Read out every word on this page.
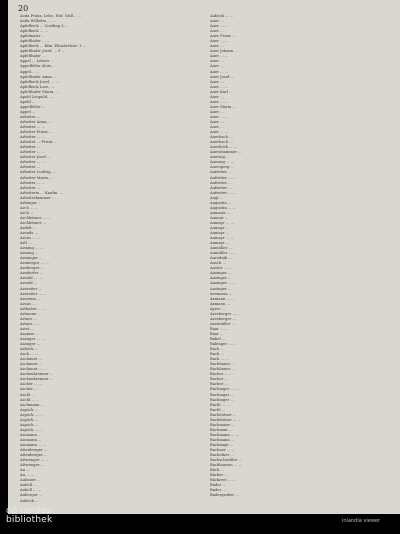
20
Aoda Franz, Lehr., Hof, Grill... ...
Aoda Wilhelm, ... ...
Apfelbeck ... Gostling 3, ...
Apfelbeck ... ...
Apfelmaier ...
Apfelthaler ... ...
Apfelbeck ... Kfm. Elisabethstr. 1 ...
Apfelthaler Josef, ... 9 ...
Apfelthaler ...
Appel ... Lehrer ...
Appelfeller Alois, ...
Appel... ...
Apfelthaler Anna ...
Apfelbeck Josef, ... ...
Apfelbeck Lore, ...
Apfelthaler Maria, ...
Apold Leopold, ...
Apold ...
Appelfeller ...
Appel ...
Arbeiter ...
Arbeiter Anna, ...
Arbeiter ... ...
Arbeiter Franz, ...
Arbeiter ... ...
Arbeiter ... Privat ...
Arbeiter ...
Arbeiter ... ...
Arbeiter Josef ...
Arbeiter ... ...
Arbeiter ...
Arbeiter Ludwig, ...
Arbeiter Maria, ...
Arbeiter ... ...
Arbeiter ...
Arbeiterin ... Kaufm. ...
Arbeiterkammer ...
Arbinger ...
Arch ... ...
Arch ...
Archleitner ... ...
Archleitner ...
Ardelt ...
Arends ...
Arens ... ...
Arlt ...
Arming ... ...
Arming ...
Arminger ...
Arnberger ... ...
Arnberger ...
Arndorfer ...
Arnold ... ...
Arnold ...
Arnreiter ...
Arnreiter ... ...
Arnstein ...
Arnus ...
Arthaber ... ...
Artmann ...
Artner ...
Artner ... ...
Artzt ...
Asamer ...
Asanger ... ...
Asanger ...
Asböck ...
Asch ... ...
Aschauer ...
Aschauer ...
Aschauer ... ...
Aschenbrenner ...
Aschenbrenner ...
Ascher ... ...
Ascher ...
Aschl ...
Aschl ... ...
Aschmann ...
Aspöck ...
Aspöck ... ...
Aspöck ...
Aspöck ...
Aspöck ... ...
Assmann ...
Assmann ...
Assmann ... ...
Attenberger ...
Attenberger ...
Attwenger ... ...
Attwenger ...
Au ...
Au ... ...
Aubauer ...
Aubell ...
Aubell ... ...
Auberger ...
Auböck ...
Auböck ... ...
Auer ...
Auer ... ...
Auer ...
Auer Franz ...
Auer ... ...
Auer ...
Auer Johann ...
Auer ... ...
Auer ...
Auer ...
Auer ... ...
Auer Josef ...
Auer ...
Auer ... ...
Auer Karl ...
Auer ...
Auer ... ...
Auer Maria ...
Auer ...
Auer ... ...
Auer ...
Auer ...
Auer ... ...
Auerbach ...
Auerbach ...
Auerböck ... ...
Auernhammer ...
Auernig ...
Auernig ... ...
Auersperg ...
Aufreiter ...
Aufreiter ... ...
Aufreiter ...
Aufreiter ...
Aufreiter ... ...
Augl ...
Augustin ...
Augustin ... ...
Aumaier ...
Aumair ...
Aumayr ... ...
Aumayr ...
Aumayr ...
Aumayr ... ...
Aumayr ...
Aumüller ...
Aumüller ... ...
Aurednik ...
Ausch ...
Auster ... ...
Auzinger ...
Auzinger ...
Auzinger ... ...
Auzinger ...
Avemaria ...
Axmann ... ...
Axmann ...
Ayrer ...
Azesberger ... ...
Azesberger ...
Azetmüller ...
Baar ... ...
Baar ...
Babel ...
Babinger ... ...
Bach ...
Bach ...
Bach ... ...
Bachbauer ...
Bachbauer ...
Bacher ... ...
Bacher ...
Bacher ...
Bachinger ... ...
Bachinger ...
Bachinger ...
Bachl ... ...
Bachl ...
Bachleitner ...
Bachleitner ... ...
Bachmaier ...
Bachmair ...
Bachmann ... ...
Bachmann ...
Bachmayr ...
Bachner ... ...
Bachofner ...
Bachschweller ...
Backhausen ... ...
Bäck ...
Bäcker ...
Bäckerei ... ...
Bader ...
Bader ...
Badergruber ...
oö landes
bibliothek	inlandia viewer
